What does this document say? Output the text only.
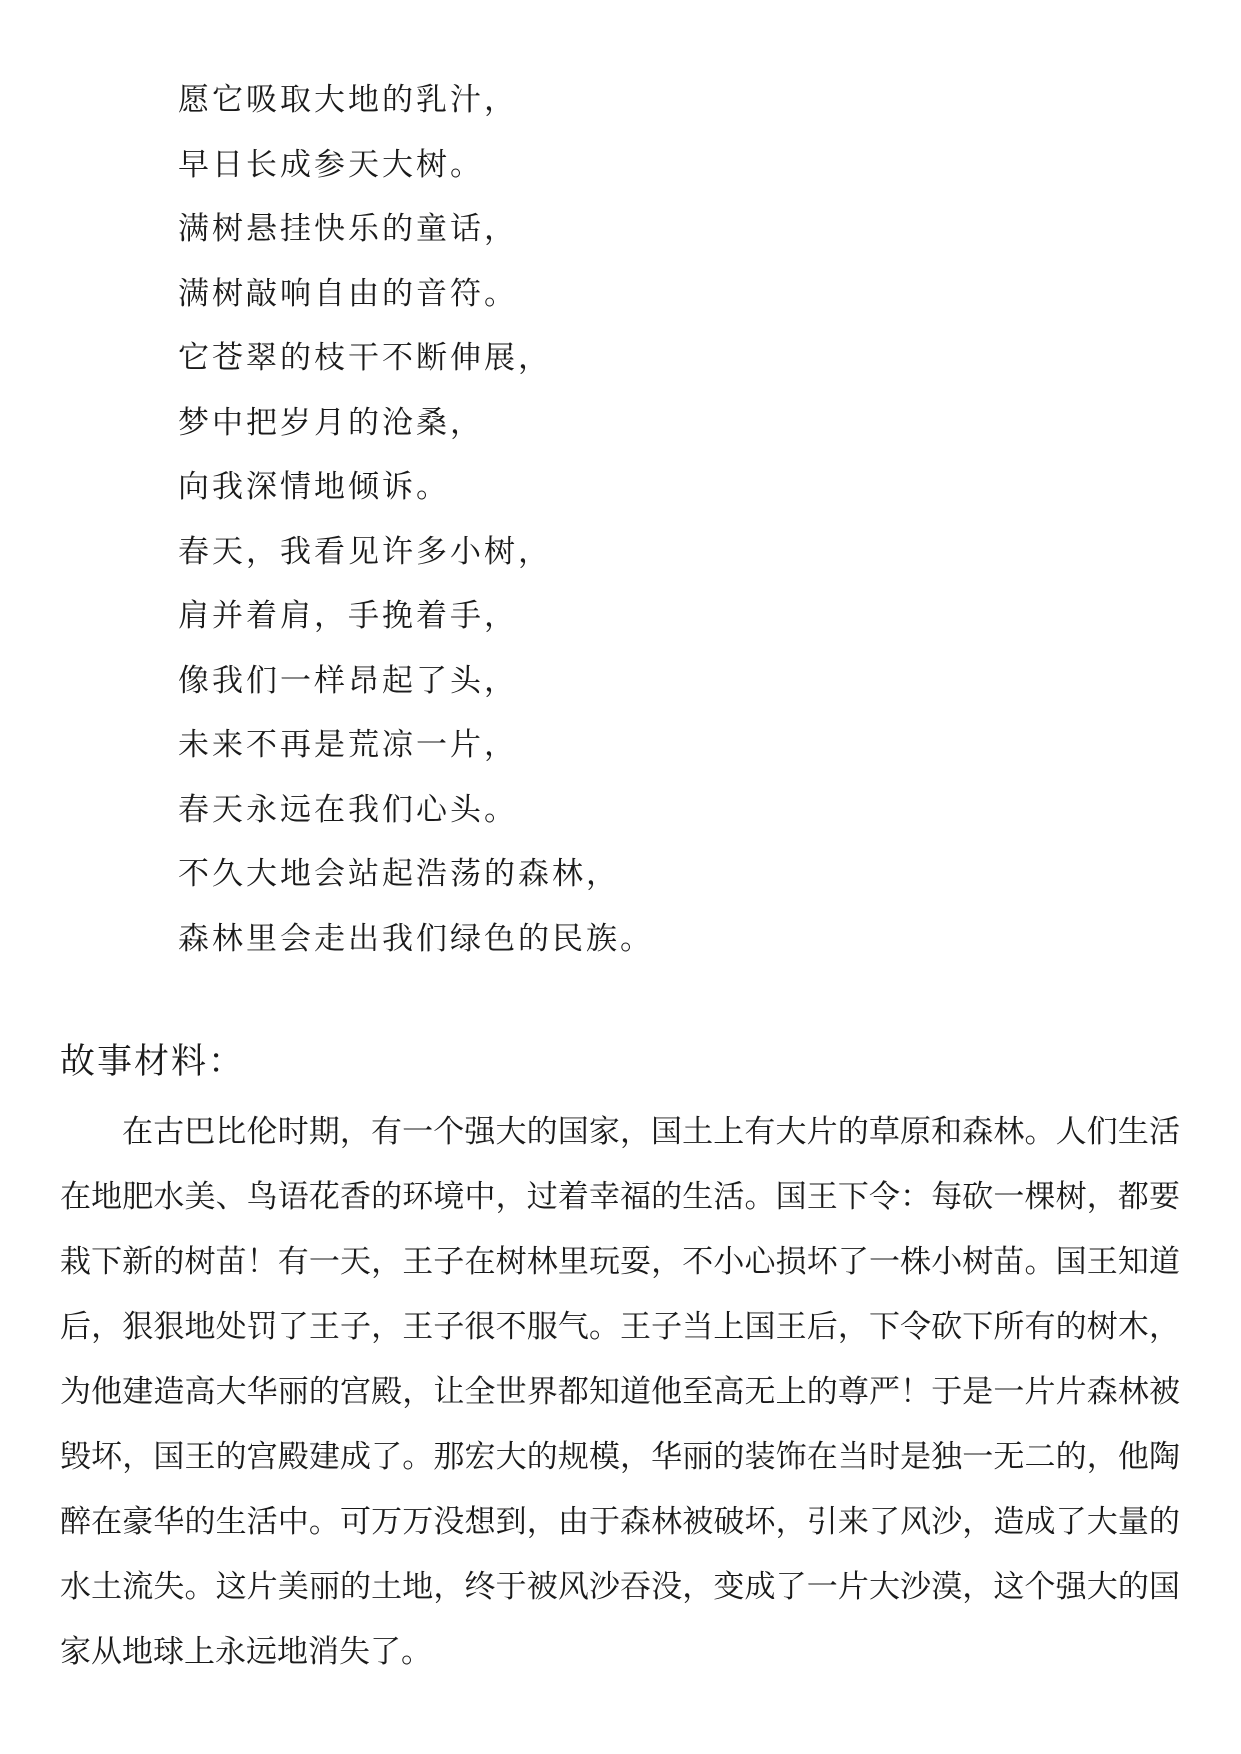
愿它吸取大地的乳汁，
早日长成参天大树。
满树悬挂快乐的童话，
满树敲响自由的音符。
它苍翠的枝干不断伸展，
梦中把岁月的沧桑，
向我深情地倾诉。
春天，我看见许多小树，
肩并着肩，手挽着手，
像我们一样昂起了头，
未来不再是荒凉一片，
春天永远在我们心头。
不久大地会站起浩荡的森林，
森林里会走出我们绿色的民族。
故事材料：
在古巴比伦时期，有一个强大的国家，国土上有大片的草原和森林。人们生活
在地肥水美、鸟语花香的环境中，过着幸福的生活。国王下令：每砍一棵树，都要
栽下新的树苗！有一天，王子在树林里玩耍，不小心损坏了一株小树苗。国王知道
后，狠狠地处罚了王子，王子很不服气。王子当上国王后，下令砍下所有的树木，
为他建造高大华丽的宫殿，让全世界都知道他至高无上的尊严！于是一片片森林被
毁坏，国王的宫殿建成了。那宏大的规模，华丽的装饰在当时是独一无二的，他陶
醉在豪华的生活中。可万万没想到，由于森林被破坏，引来了风沙，造成了大量的
水土流失。这片美丽的土地，终于被风沙吞没，变成了一片大沙漠，这个强大的国
家从地球上永远地消失了。
